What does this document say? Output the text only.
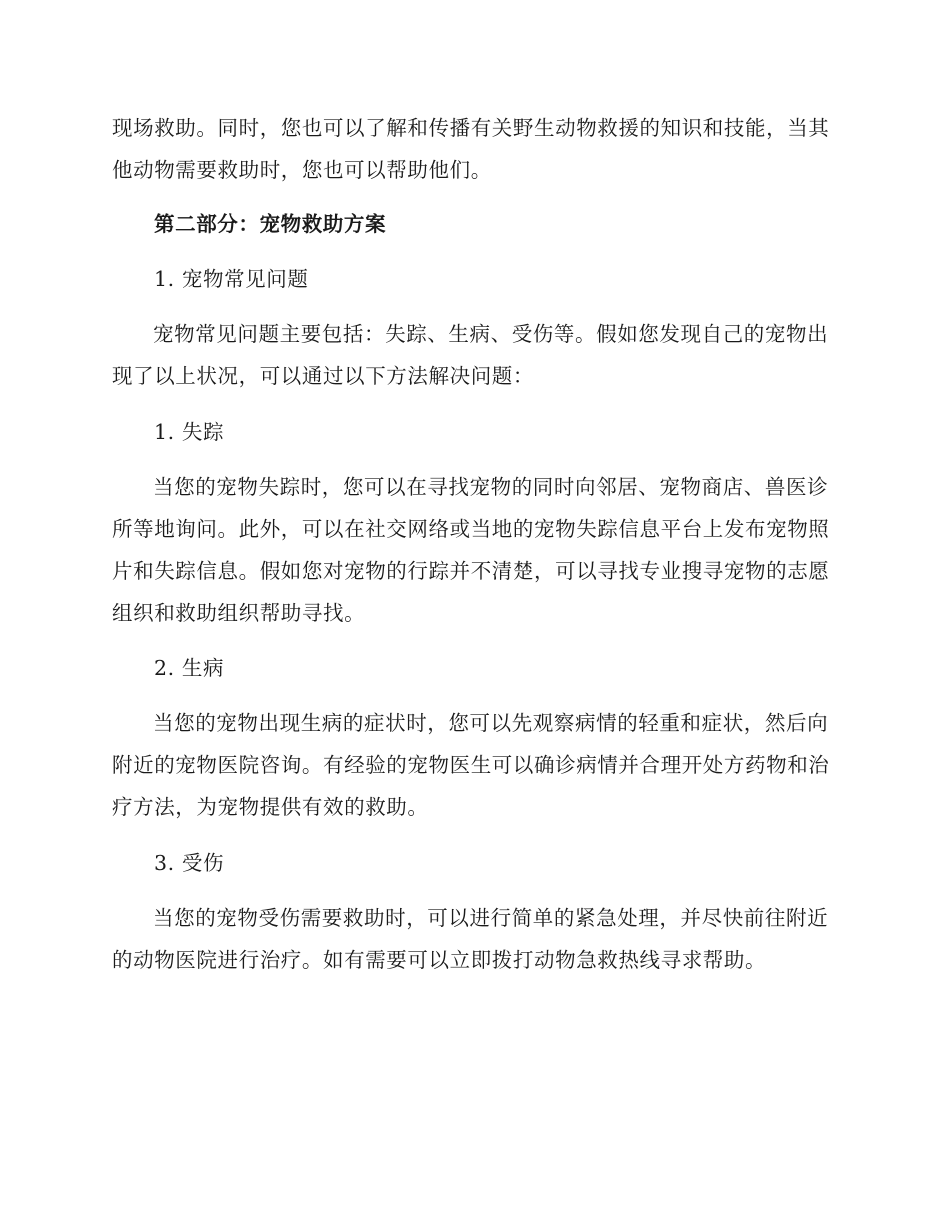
现场救助。同时，您也可以了解和传播有关野生动物救援的知识和技能，当其他动物需要救助时，您也可以帮助他们。

第二部分：宠物救助方案

1. 宠物常见问题

宠物常见问题主要包括：失踪、生病、受伤等。假如您发现自己的宠物出现了以上状况，可以通过以下方法解决问题：

1. 失踪

当您的宠物失踪时，您可以在寻找宠物的同时向邻居、宠物商店、兽医诊所等地询问。此外，可以在社交网络或当地的宠物失踪信息平台上发布宠物照片和失踪信息。假如您对宠物的行踪并不清楚，可以寻找专业搜寻宠物的志愿组织和救助组织帮助寻找。

2. 生病

当您的宠物出现生病的症状时，您可以先观察病情的轻重和症状，然后向附近的宠物医院咨询。有经验的宠物医生可以确诊病情并合理开处方药物和治疗方法，为宠物提供有效的救助。

3. 受伤

当您的宠物受伤需要救助时，可以进行简单的紧急处理，并尽快前往附近的动物医院进行治疗。如有需要可以立即拨打动物急救热线寻求帮助。
